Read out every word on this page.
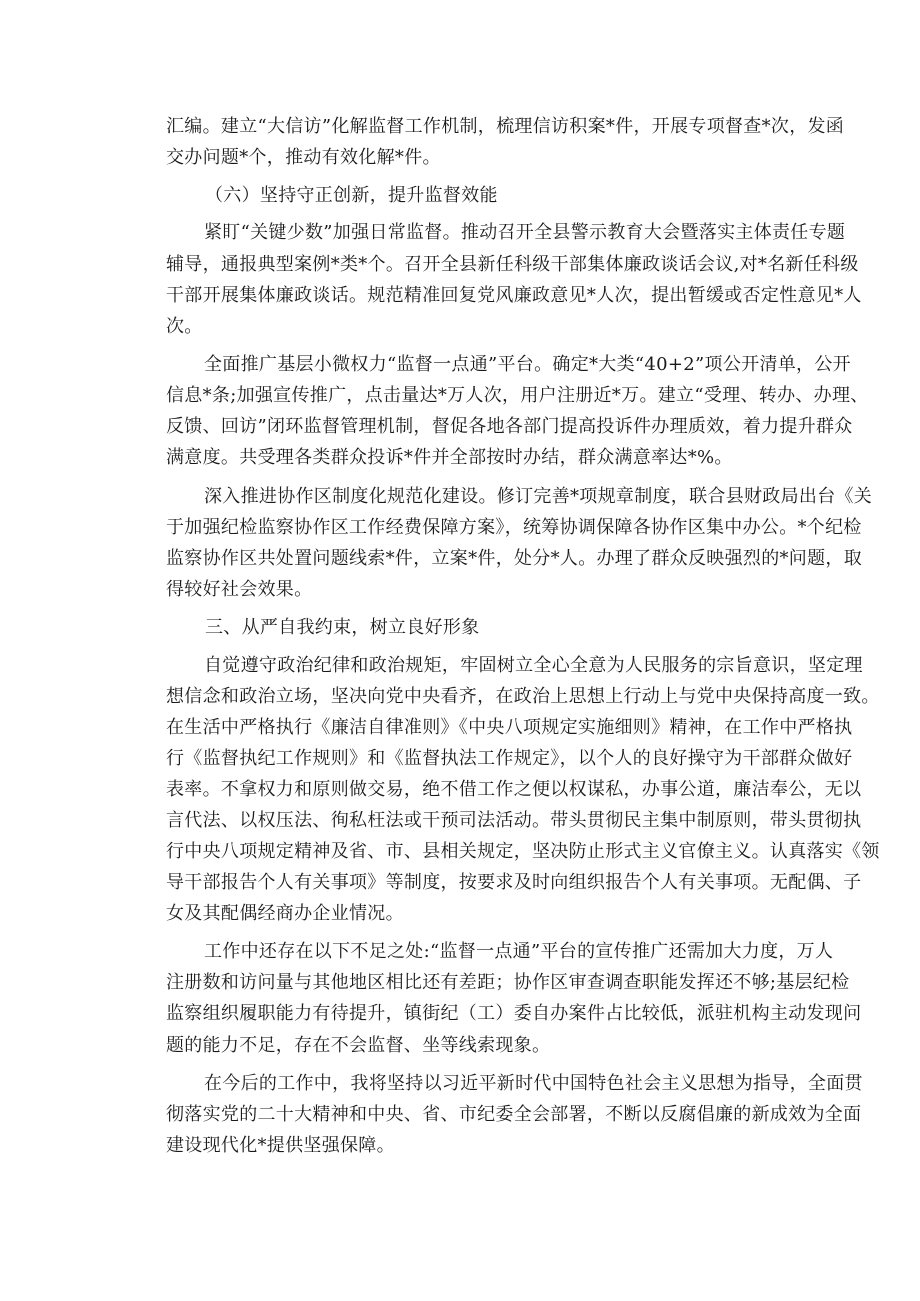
汇编。建立“大信访”化解监督工作机制，梳理信访积案*件，开展专项督查*次，发函

交办问题*个，推动有效化解*件。

（六）坚持守正创新，提升监督效能

紧盯“关键少数”加强日常监督。推动召开全县警示教育大会暨落实主体责任专题

辅导，通报典型案例*类*个。召开全县新任科级干部集体廉政谈话会议,对*名新任科级

干部开展集体廉政谈话。规范精准回复党风廉政意见*人次，提出暂缓或否定性意见*人

次。

全面推广基层小微权力“监督一点通”平台。确定*大类“40+2”项公开清单，公开

信息*条;加强宣传推广，点击量达*万人次，用户注册近*万。建立“受理、转办、办理、

反馈、回访”闭环监督管理机制，督促各地各部门提高投诉件办理质效，着力提升群众

满意度。共受理各类群众投诉*件并全部按时办结，群众满意率达*%。

深入推进协作区制度化规范化建设。修订完善*项规章制度，联合县财政局出台《关

于加强纪检监察协作区工作经费保障方案》，统筹协调保障各协作区集中办公。*个纪检

监察协作区共处置问题线索*件，立案*件，处分*人。办理了群众反映强烈的*问题，取

得较好社会效果。

三、从严自我约束，树立良好形象

自觉遵守政治纪律和政治规矩，牢固树立全心全意为人民服务的宗旨意识，坚定理

想信念和政治立场，坚决向党中央看齐，在政治上思想上行动上与党中央保持高度一致。

在生活中严格执行《廉洁自律准则》《中央八项规定实施细则》精神，在工作中严格执

行《监督执纪工作规则》和《监督执法工作规定》，以个人的良好操守为干部群众做好

表率。不拿权力和原则做交易，绝不借工作之便以权谋私，办事公道，廉洁奉公，无以

言代法、以权压法、徇私枉法或干预司法活动。带头贯彻民主集中制原则，带头贯彻执

行中央八项规定精神及省、市、县相关规定，坚决防止形式主义官僚主义。认真落实《领

导干部报告个人有关事项》等制度，按要求及时向组织报告个人有关事项。无配偶、子

女及其配偶经商办企业情况。

工作中还存在以下不足之处:“监督一点通”平台的宣传推广还需加大力度，万人

注册数和访问量与其他地区相比还有差距；协作区审查调查职能发挥还不够;基层纪检

监察组织履职能力有待提升，镇街纪（工）委自办案件占比较低，派驻机构主动发现问

题的能力不足，存在不会监督、坐等线索现象。

在今后的工作中，我将坚持以习近平新时代中国特色社会主义思想为指导，全面贯

彻落实党的二十大精神和中央、省、市纪委全会部署，不断以反腐倡廉的新成效为全面

建设现代化*提供坚强保障。
